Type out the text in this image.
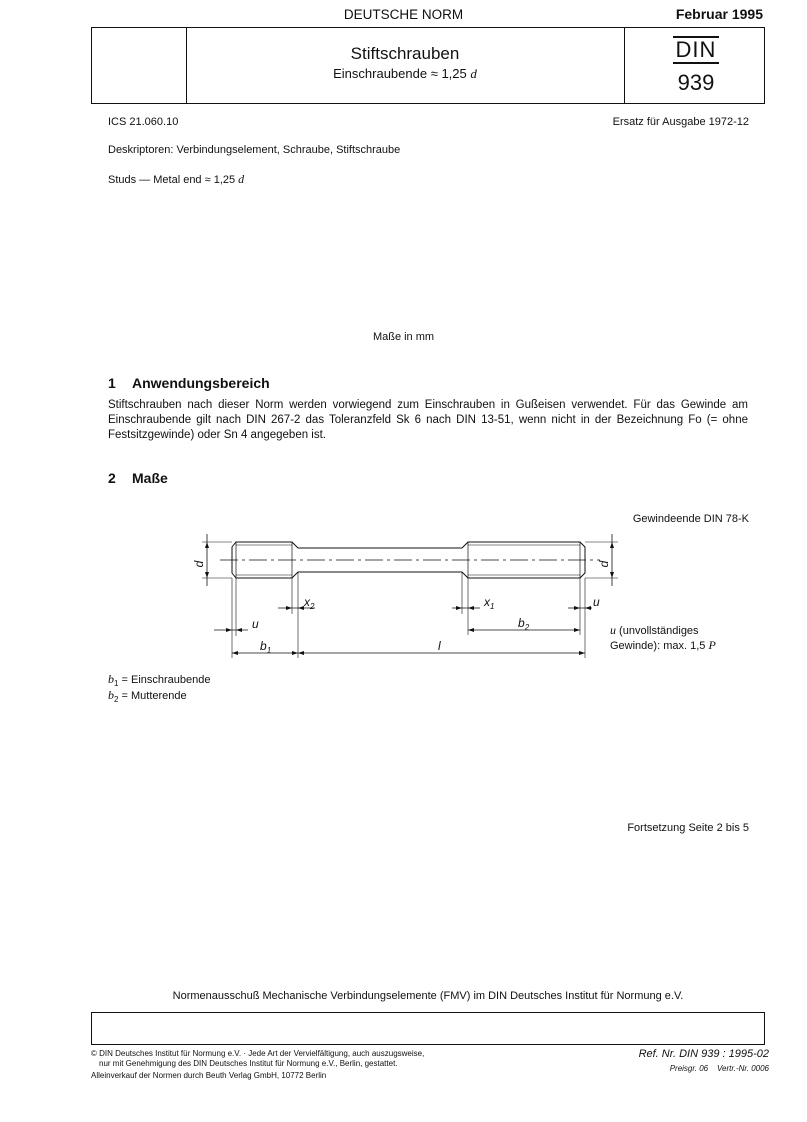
DEUTSCHE NORM	Februar 1995
Stiftschrauben
Einschraubende ≈ 1,25 d
DIN
939
ICS 21.060.10	Ersatz für Ausgabe 1972-12
Deskriptoren: Verbindungselement, Schraube, Stiftschraube
Studs — Metal end ≈ 1,25 d
Maße in mm
1 Anwendungsbereich
Stiftschrauben nach dieser Norm werden vorwiegend zum Einschrauben in Gußeisen verwendet. Für das Gewinde am Einschraubende gilt nach DIN 267-2 das Toleranzfeld Sk 6 nach DIN 13-51, wenn nicht in der Bezeichnung Fo (= ohne Festsitzgewinde) oder Sn 4 angegeben ist.
2 Maße
Gewindeende DIN 78-K
d	d
$x_2$	$x_1$	u
u	$b_2$
$b_1$	l
u (unvollständiges
Gewinde): max. 1,5 P
$b_1$ = Einschraubende
$b_2$ = Mutterende
Fortsetzung Seite 2 bis 5
Normenausschuß Mechanische Verbindungselemente (FMV) im DIN Deutsches Institut für Normung e.V.
© DIN Deutsches Institut für Normung e.V. · Jede Art der Vervielfältigung, auch auszugsweise,
nur mit Genehmigung des DIN Deutsches Institut für Normung e.V., Berlin, gestattet.
Alleinverkauf der Normen durch Beuth Verlag GmbH, 10772 Berlin
Ref. Nr. DIN 939 : 1995-02
Preisgr. 06 Vertr.-Nr. 0006
